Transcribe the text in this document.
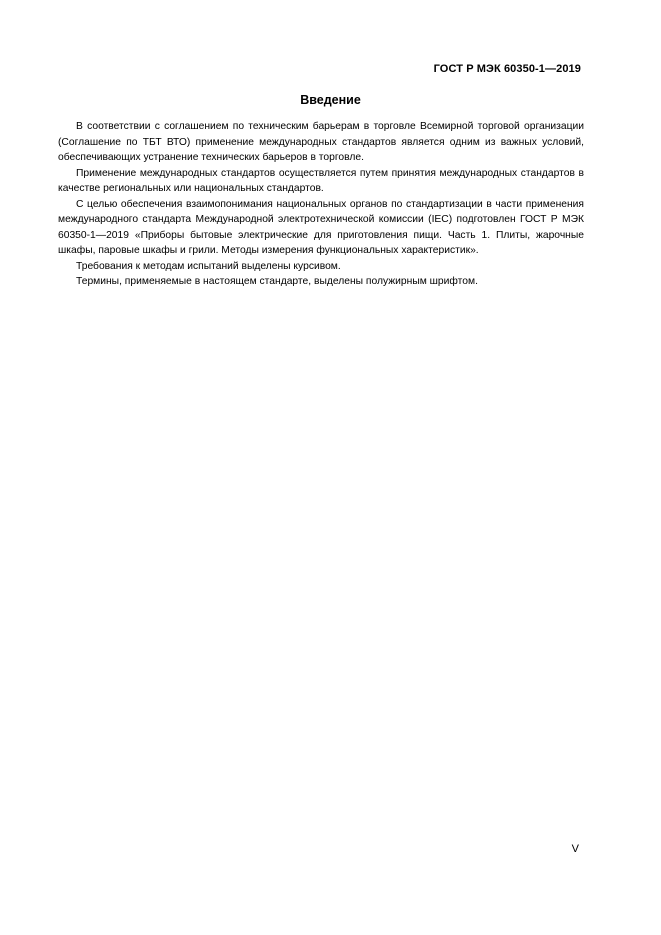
ГОСТ Р МЭК 60350-1—2019
Введение

В соответствии с соглашением по техническим барьерам в торговле Всемирной торговой организации (Соглашение по ТБТ ВТО) применение международных стандартов является одним из важных условий, обеспечивающих устранение технических барьеров в торговле.

Применение международных стандартов осуществляется путем принятия международных стандартов в качестве региональных или национальных стандартов.

С целью обеспечения взаимопонимания национальных органов по стандартизации в части применения международного стандарта Международной электротехнической комиссии (IEC) подготовлен ГОСТ Р МЭК 60350-1—2019 «Приборы бытовые электрические для приготовления пищи. Часть 1. Плиты, жарочные шкафы, паровые шкафы и грили. Методы измерения функциональных характеристик».

Требования к методам испытаний выделены курсивом.

Термины, применяемые в настоящем стандарте, выделены полужирным шрифтом.

V
